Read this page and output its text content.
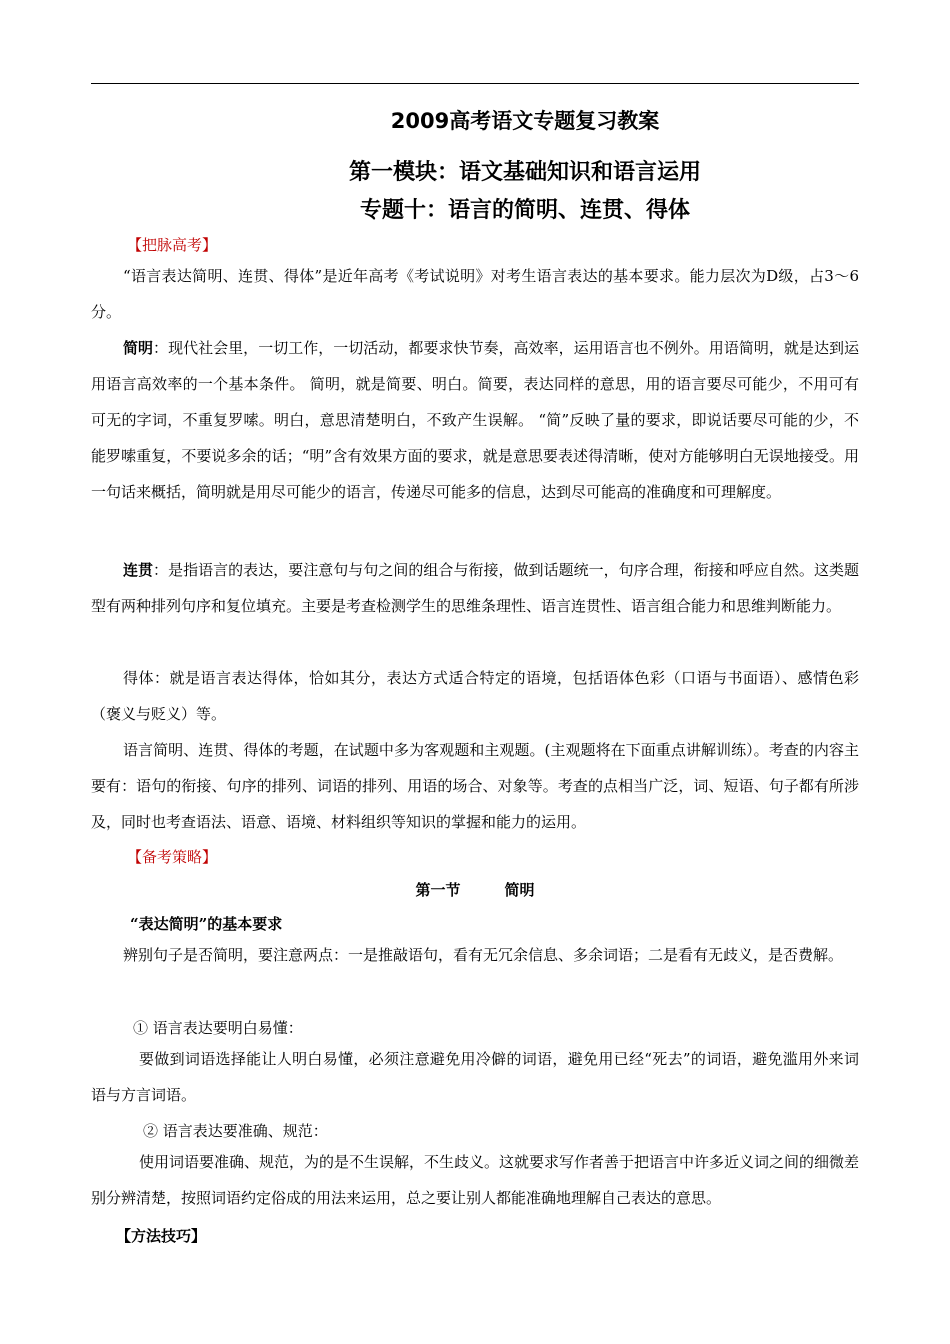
2009高考语文专题复习教案
第一模块：语文基础知识和语言运用
专题十：语言的简明、连贯、得体
【把脉高考】
“语言表达简明、连贯、得体”是近年高考《考试说明》对考生语言表达的基本要求。能力层次为D级，占3～6分。
简明：现代社会里，一切工作，一切活动，都要求快节奏，高效率，运用语言也不例外。用语简明，就是达到运用语言高效率的一个基本条件。 简明，就是简要、明白。简要，表达同样的意思，用的语言要尽可能少，不用可有可无的字词，不重复罗嗦。明白，意思清楚明白，不致产生误解。 “简”反映了量的要求，即说话要尽可能的少，不能罗嗦重复，不要说多余的话；“明”含有效果方面的要求，就是意思要表述得清晰，使对方能够明白无误地接受。用一句话来概括，简明就是用尽可能少的语言，传递尽可能多的信息，达到尽可能高的准确度和可理解度。
连贯：是指语言的表达，要注意句与句之间的组合与衔接，做到话题统一，句序合理，衔接和呼应自然。这类题型有两种排列句序和复位填充。主要是考查检测学生的思维条理性、语言连贯性、语言组合能力和思维判断能力。
得体：就是语言表达得体，恰如其分，表达方式适合特定的语境，包括语体色彩（口语与书面语）、感情色彩（褒义与贬义）等。
语言简明、连贯、得体的考题，在试题中多为客观题和主观题。(主观题将在下面重点讲解训练）。考查的内容主要有：语句的衔接、句序的排列、词语的排列、用语的场合、对象等。考查的点相当广泛，词、短语、句子都有所涉及，同时也考查语法、语意、语境、材料组织等知识的掌握和能力的运用。
【备考策略】
第一节	简明
“表达简明”的基本要求
辨别句子是否简明，要注意两点：一是推敲语句，看有无冗余信息、多余词语；二是看有无歧义，是否费解。
① 语言表达要明白易懂：
要做到词语选择能让人明白易懂，必须注意避免用冷僻的词语，避免用已经“死去”的词语，避免滥用外来词语与方言词语。
② 语言表达要准确、规范：
使用词语要准确、规范，为的是不生误解，不生歧义。这就要求写作者善于把语言中许多近义词之间的细微差别分辨清楚，按照词语约定俗成的用法来运用，总之要让别人都能准确地理解自己表达的意思。
【方法技巧】
